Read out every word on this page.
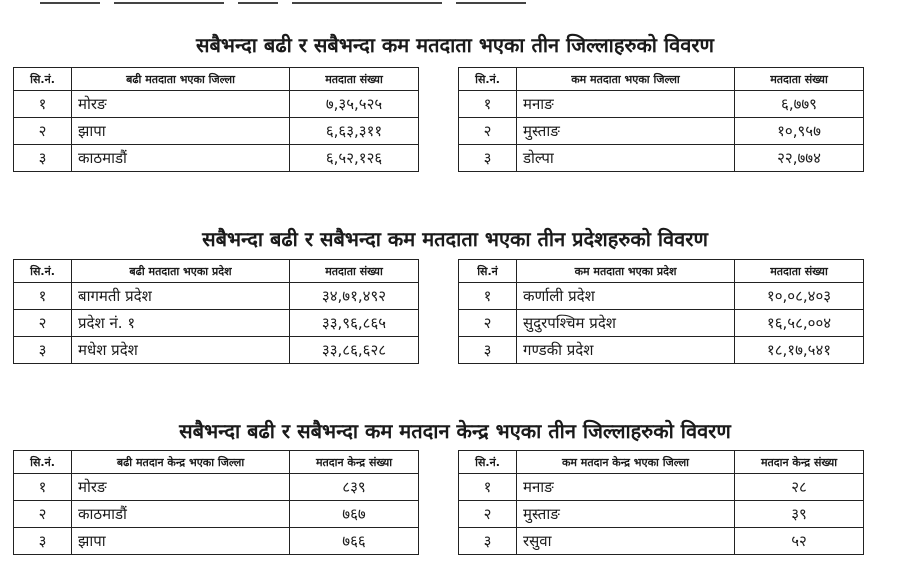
सबैभन्दा बढी र सबैभन्दा कम मतदाता भएका तीन जिल्लाहरुको विवरण
सि.नं.	बढी मतदाता भएका जिल्ला	मतदाता संख्या
१	मोरङ	७,३५,५२५
२	झापा	६,६३,३११
३	काठमाडौं	६,५२,१२६
सि.नं.	कम मतदाता भएका जिल्ला	मतदाता संख्या
१	मनाङ	६,७७९
२	मुस्ताङ	१०,९५७
३	डोल्पा	२२,७७४
सबैभन्दा बढी र सबैभन्दा कम मतदाता भएका तीन प्रदेशहरुको विवरण
सि.नं.	बढी मतदाता भएका प्रदेश	मतदाता संख्या
१	बागमती प्रदेश	३४,७१,४९२
२	प्रदेश नं. १	३३,९६,८६५
३	मधेश प्रदेश	३३,८६,६२८
सि.नं	कम मतदाता भएका प्रदेश	मतदाता संख्या
१	कर्णाली प्रदेश	१०,०८,४०३
२	सुदुरपश्चिम प्रदेश	१६,५८,००४
३	गण्डकी प्रदेश	१८,१७,५४१
सबैभन्दा बढी र सबैभन्दा कम मतदान केन्द्र भएका तीन जिल्लाहरुको विवरण
सि.नं.	बढी मतदान केन्द्र भएका जिल्ला	मतदान केन्द्र संख्या
१	मोरङ	८३९
२	काठमाडौं	७६७
३	झापा	७६६
सि.नं.	कम मतदान केन्द्र भएका जिल्ला	मतदान केन्द्र संख्या
१	मनाङ	२८
२	मुस्ताङ	३९
३	रसुवा	५२
